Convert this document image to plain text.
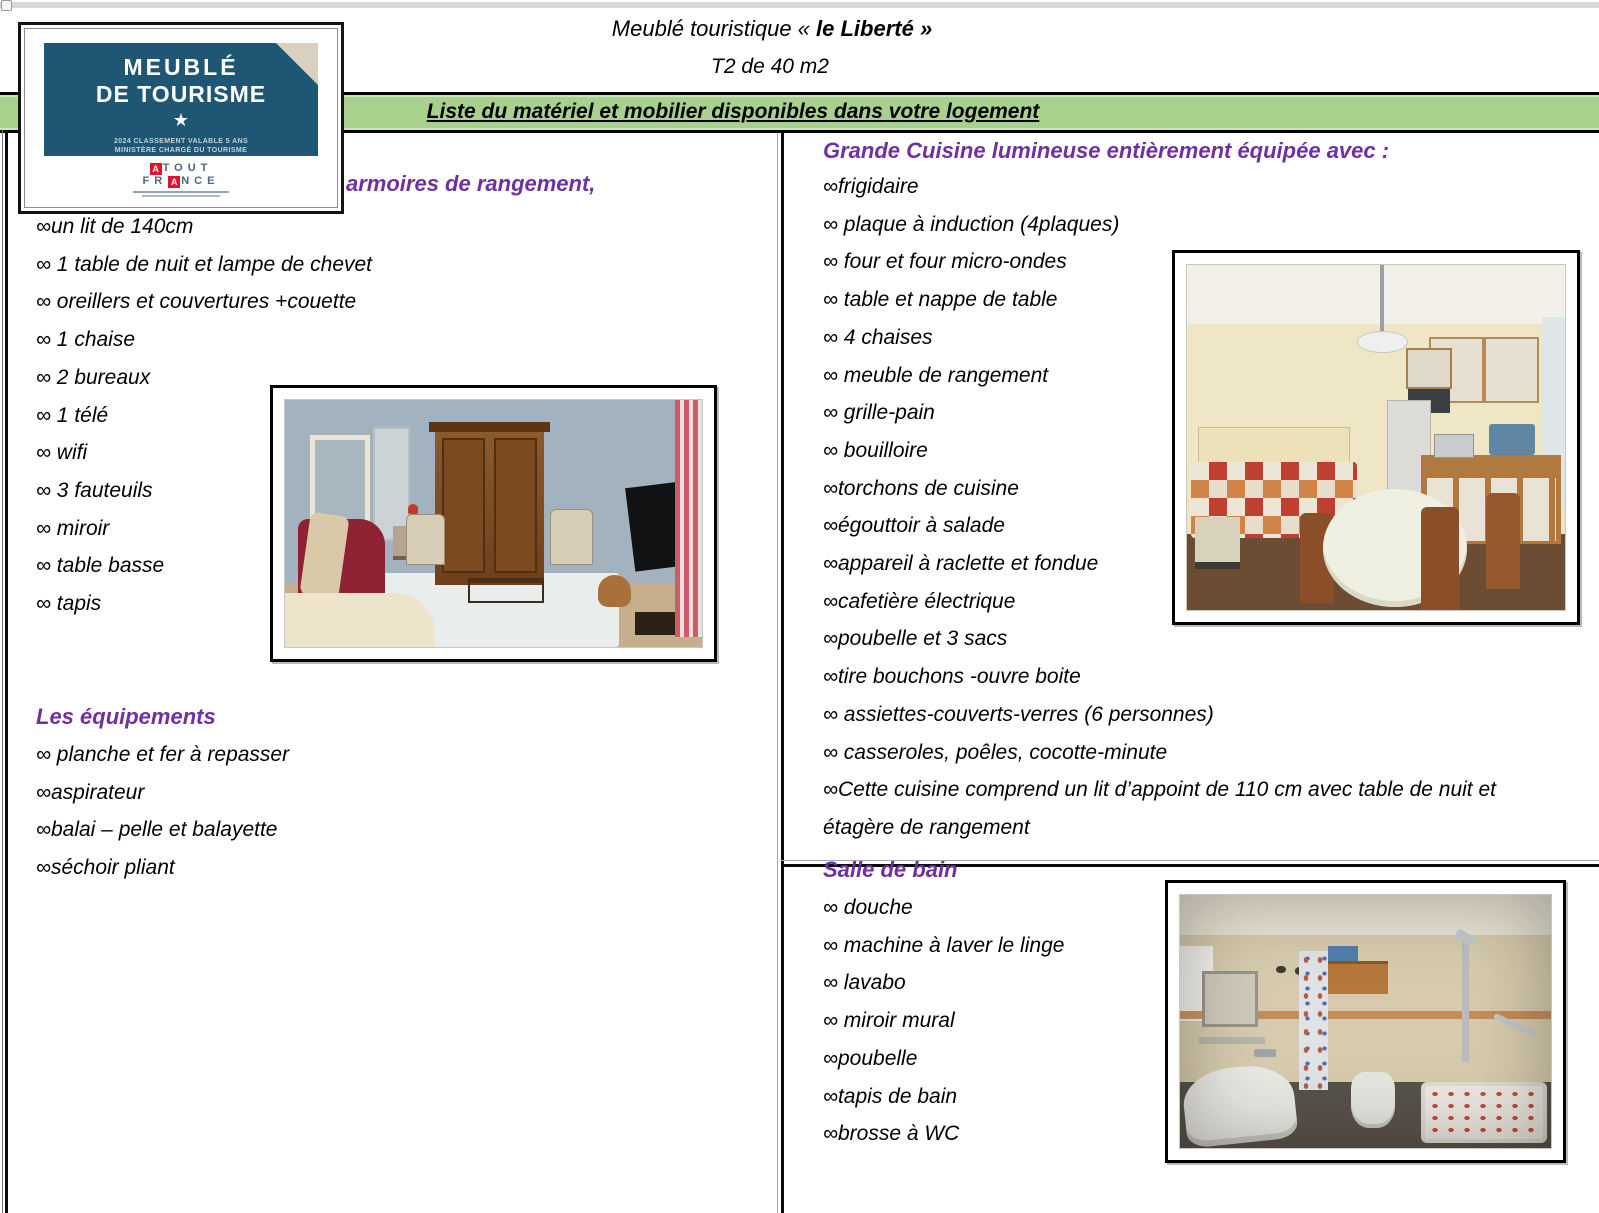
Meublé touristique « le Liberté »
T2 de 40 m2
Liste du matériel et mobilier disponibles dans votre logement
MEUBLÉ
DE TOURISME
★
2024 CLASSEMENT VALABLE 5 ANS
MINISTÈRE CHARGÉ DU TOURISME
A TOUT
FR A NCE	armoires de rangement,
∞un lit de 140cm
∞ 1 table de nuit et lampe de chevet
∞ oreillers et couvertures +couette
∞ 1 chaise
∞ 2 bureaux
∞ 1 télé
∞ wifi
∞ 3 fauteuils
∞ miroir
∞ table basse
∞ tapis
Les équipements
∞ planche et fer à repasser
∞aspirateur
∞balai – pelle et balayette
∞séchoir pliant
Grande Cuisine lumineuse entièrement équipée avec :
∞frigidaire
∞ plaque à induction (4plaques)
∞ four et four micro-ondes
∞ table et nappe de table
∞ 4 chaises
∞ meuble de rangement
∞ grille-pain
∞ bouilloire
∞torchons de cuisine
∞égouttoir à salade
∞appareil à raclette et fondue
∞cafetière électrique
∞poubelle et 3 sacs
∞tire bouchons -ouvre boite
∞ assiettes-couverts-verres (6 personnes)
∞ casseroles, poêles, cocotte-minute
∞Cette cuisine comprend un lit d’appoint de 110 cm avec table de nuit et étagère de rangement
Salle de bain
∞ douche
∞ machine à laver le linge
∞ lavabo
∞ miroir mural
∞poubelle
∞tapis de bain
∞brosse à WC
